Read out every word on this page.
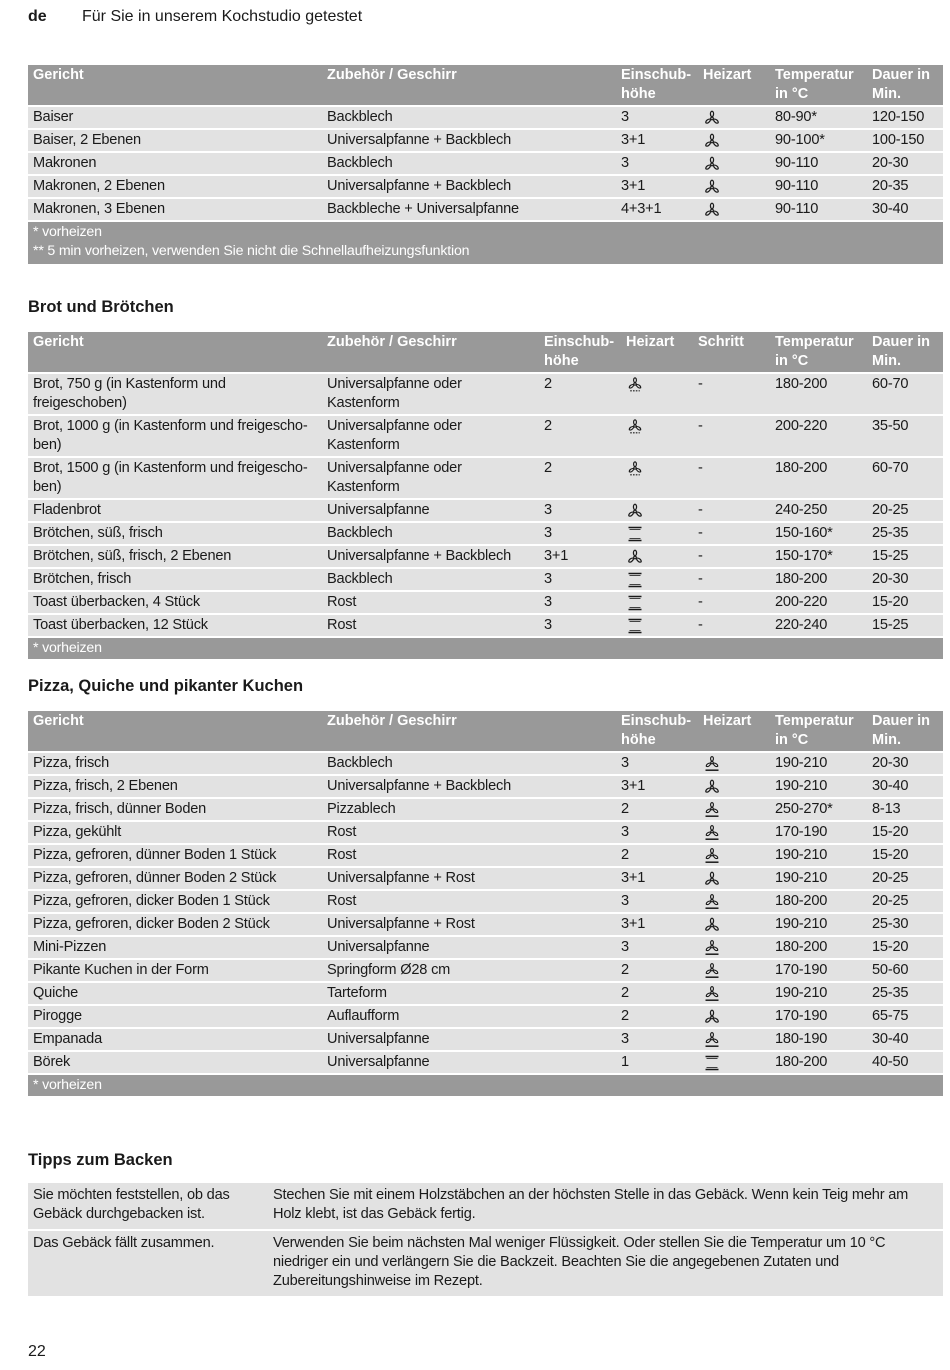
de Für Sie in unserem Kochstudio getestet
Gericht	Zubehör / Geschirr	Einschub-höhe	Heizart	Temperatur in °C	Dauer in Min.
Baiser	Backblech	3		80-90*	120-150
Baiser, 2 Ebenen	Universalpfanne + Backblech	3+1		90-100*	100-150
Makronen	Backblech	3		90-110	20-30
Makronen, 2 Ebenen	Universalpfanne + Backblech	3+1		90-110	20-35
Makronen, 3 Ebenen	Backbleche + Universalpfanne	4+3+1		90-110	30-40
* vorheizen					
** 5 min vorheizen, verwenden Sie nicht die Schnellaufheizungsfunktion					
Brot und Brötchen
Gericht	Zubehör / Geschirr	Einschub-höhe	Heizart	Schritt	Temperatur in °C	Dauer in Min.
Brot, 750 g (in Kastenform und freigeschoben)	Universalpfanne oder Kastenform	2		-	180-200	60-70
Brot, 1000 g (in Kastenform und freigescho-ben)	Universalpfanne oder Kastenform	2		-	200-220	35-50
Brot, 1500 g (in Kastenform und freigescho-ben)	Universalpfanne oder Kastenform	2		-	180-200	60-70
Fladenbrot	Universalpfanne	3		-	240-250	20-25
Brötchen, süß, frisch	Backblech	3		-	150-160*	25-35
Brötchen, süß, frisch, 2 Ebenen	Universalpfanne + Backblech	3+1		-	150-170*	15-25
Brötchen, frisch	Backblech	3		-	180-200	20-30
Toast überbacken, 4 Stück	Rost	3		-	200-220	15-20
Toast überbacken, 12 Stück	Rost	3		-	220-240	15-25
* vorheizen						
Pizza, Quiche und pikanter Kuchen
Gericht	Zubehör / Geschirr	Einschub-höhe	Heizart	Temperatur in °C	Dauer in Min.
Pizza, frisch	Backblech	3		190-210	20-30
Pizza, frisch, 2 Ebenen	Universalpfanne + Backblech	3+1		190-210	30-40
Pizza, frisch, dünner Boden	Pizzablech	2		250-270*	8-13
Pizza, gekühlt	Rost	3		170-190	15-20
Pizza, gefroren, dünner Boden 1 Stück	Rost	2		190-210	15-20
Pizza, gefroren, dünner Boden 2 Stück	Universalpfanne + Rost	3+1		190-210	20-25
Pizza, gefroren, dicker Boden 1 Stück	Rost	3		180-200	20-25
Pizza, gefroren, dicker Boden 2 Stück	Universalpfanne + Rost	3+1		190-210	25-30
Mini-Pizzen	Universalpfanne	3		180-200	15-20
Pikante Kuchen in der Form	Springform Ø28 cm	2		170-190	50-60
Quiche	Tarteform	2		190-210	25-35
Pirogge	Auflaufform	2		170-190	65-75
Empanada	Universalpfanne	3		180-190	30-40
Börek	Universalpfanne	1		180-200	40-50
* vorheizen					
Tipps zum Backen
Sie möchten feststellen, ob das Gebäck durchgebacken ist.	Stechen Sie mit einem Holzstäbchen an der höchsten Stelle in das Gebäck. Wenn kein Teig mehr am Holz klebt, ist das Gebäck fertig.
Das Gebäck fällt zusammen.	Verwenden Sie beim nächsten Mal weniger Flüssigkeit. Oder stellen Sie die Temperatur um 10 °C niedriger ein und verlängern Sie die Backzeit. Beachten Sie die angegebenen Zutaten und Zubereitungshinweise im Rezept.
22
